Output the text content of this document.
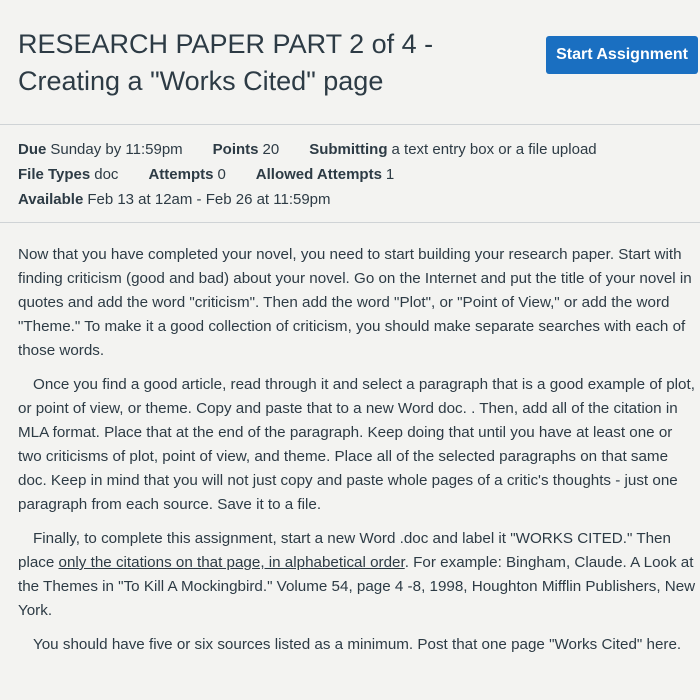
RESEARCH PAPER PART 2 of 4 -
Creating a "Works Cited" page
Start Assignment
Due Sunday by 11:59pm Points 20 Submitting a text entry box or a file upload
File Types doc Attempts 0 Allowed Attempts 1
Available Feb 13 at 12am - Feb 26 at 11:59pm

Now that you have completed your novel, you need to start building your research paper. Start with finding criticism (good and bad) about your novel. Go on the Internet and put the title of your novel in quotes and add the word "criticism". Then add the word "Plot", or "Point of View," or add the word "Theme." To make it a good collection of criticism, you should make separate searches with each of those words.

Once you find a good article, read through it and select a paragraph that is a good example of plot, or point of view, or theme. Copy and paste that to a new Word doc. . Then, add all of the citation in MLA format. Place that at the end of the paragraph. Keep doing that until you have at least one or two criticisms of plot, point of view, and theme. Place all of the selected paragraphs on that same doc. Keep in mind that you will not just copy and paste whole pages of a critic's thoughts - just one paragraph from each source. Save it to a file.

Finally, to complete this assignment, start a new Word .doc and label it "WORKS CITED." Then place only the citations on that page, in alphabetical order. For example: Bingham, Claude. A Look at the Themes in "To Kill A Mockingbird." Volume 54, page 4 -8, 1998, Houghton Mifflin Publishers, New York.

You should have five or six sources listed as a minimum. Post that one page "Works Cited" here.
